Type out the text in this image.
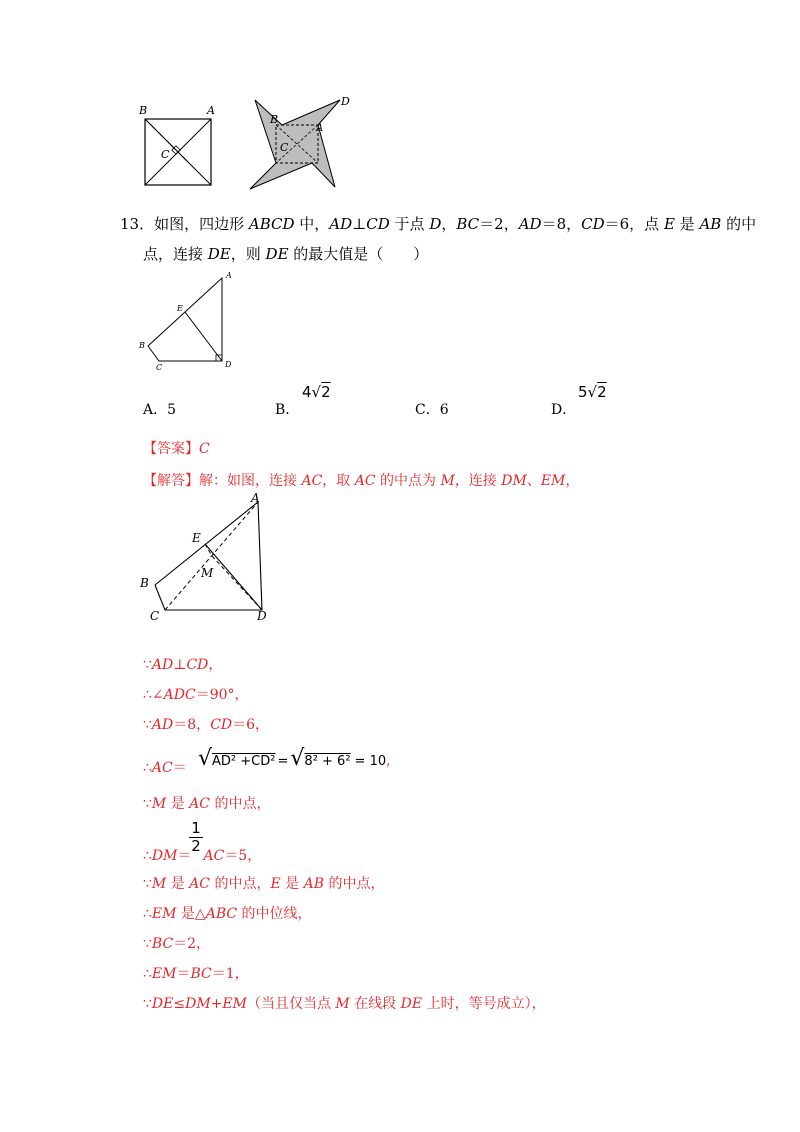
B	A
C
B
A
C
D
13．如图，四边形 ABCD 中，AD⊥CD 于点 D，BC＝2，AD＝8，CD＝6，点 E 是 AB 的中
点，连接 DE，则 DE 的最大值是（　　）
A
E
B
C	D
A．5	B．
4√2
C．6	D．
5√2
【答案】C
【解答】解：如图，连接 AC，取 AC 的中点为 M，连接 DM、EM，
A
E
M
B
C	D
∵AD⊥CD，
∴∠ADC＝90°，
∵AD＝8，CD＝6，
∴AC＝ √AD² +CD² =√8² + 6² = 10,
∵M 是 AC 的中点，
∴DM＝ AC＝5，
1
2
∵M 是 AC 的中点，E 是 AB 的中点，
∴EM 是△ABC 的中位线，
∵BC＝2，
∴EM＝BC＝1，
∵DE≤DM+EM（当且仅当点 M 在线段 DE 上时，等号成立），
